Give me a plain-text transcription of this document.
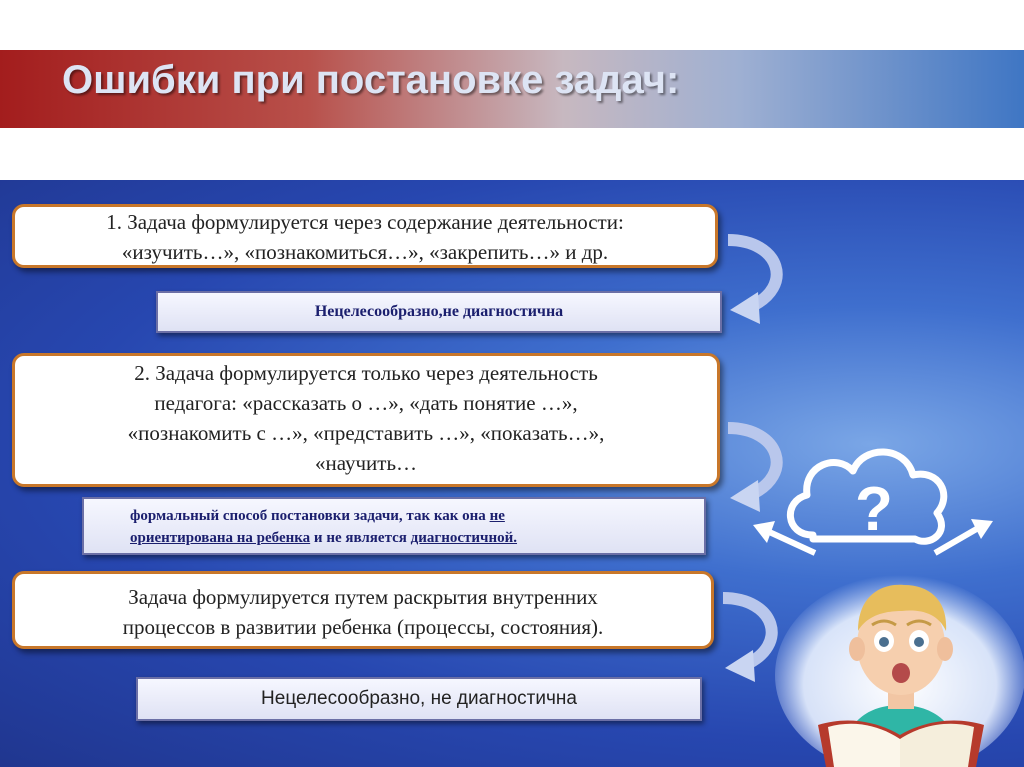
Ошибки при постановке задач:
1. Задача формулируется через содержание деятельности:
«изучить…», «познакомиться…», «закрепить…» и др.
Нецелесообразно,не диагностична
2. Задача формулируется только через деятельность
педагога: «рассказать о …», «дать понятие …»,
«познакомить с …», «представить …», «показать…»,
«научить…
формальный способ постановки задачи, так как она не
ориентирована на ребенка и не является диагностичной.
Задача формулируется путем раскрытия внутренних
процессов в развитии ребенка (процессы, состояния).
Нецелесообразно, не диагностична
?
